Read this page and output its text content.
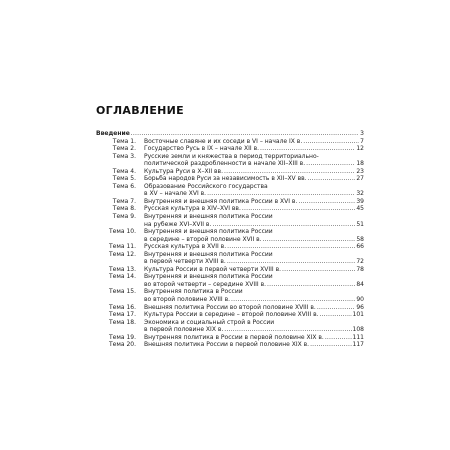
ОГЛАВЛЕНИЕ
Введение .....	3
Тема 1.	Восточные славяне и их соседи в VI – начале IX в. .....	7
Тема 2.	Государство Русь в IX – начале XII в. .....	12
Тема 3.	Русские земли и княжества в период территориально-
политической раздробленности в начале XII–XIII в. .....	18
Тема 4.	Культура Руси в X–XII вв. .....	23
Тема 5.	Борьба народов Руси за независимость в XII–XV вв. .....	27
Тема 6.	Образование Российского государства
в XV – начале XVI в. .....	32
Тема 7.	Внутренняя и внешняя политика России в XVI в. .....	39
Тема 8.	Русская культура в XIV–XVI вв. .....	45
Тема 9.	Внутренняя и внешняя политика России
на рубеже XVI–XVII в. .....	51
Тема 10.	Внутренняя и внешняя политика России
в середине – второй половине XVII в. .....	58
Тема 11.	Русская культура в XVII в. .....	66
Тема 12.	Внутренняя и внешняя политика России
в первой четверти XVIII в. .....	72
Тема 13.	Культура России в первой четверти XVIII в. .....	78
Тема 14.	Внутренняя и внешняя политика России
во второй четверти – середине XVIII в. .....	84
Тема 15.	Внутренняя политика в России
во второй половине XVIII в. .....	90
Тема 16.	Внешняя политика России во второй половине XVIII в. .....	96
Тема 17.	Культура России в середине – второй половине XVIII в. .....	101
Тема 18.	Экономика и социальный строй в России
в первой половине XIX в. .....	108
Тема 19.	Внутренняя политика в России в первой половине XIX в. .....	111
Тема 20.	Внешняя политика России в первой половине XIX в. .....	117
